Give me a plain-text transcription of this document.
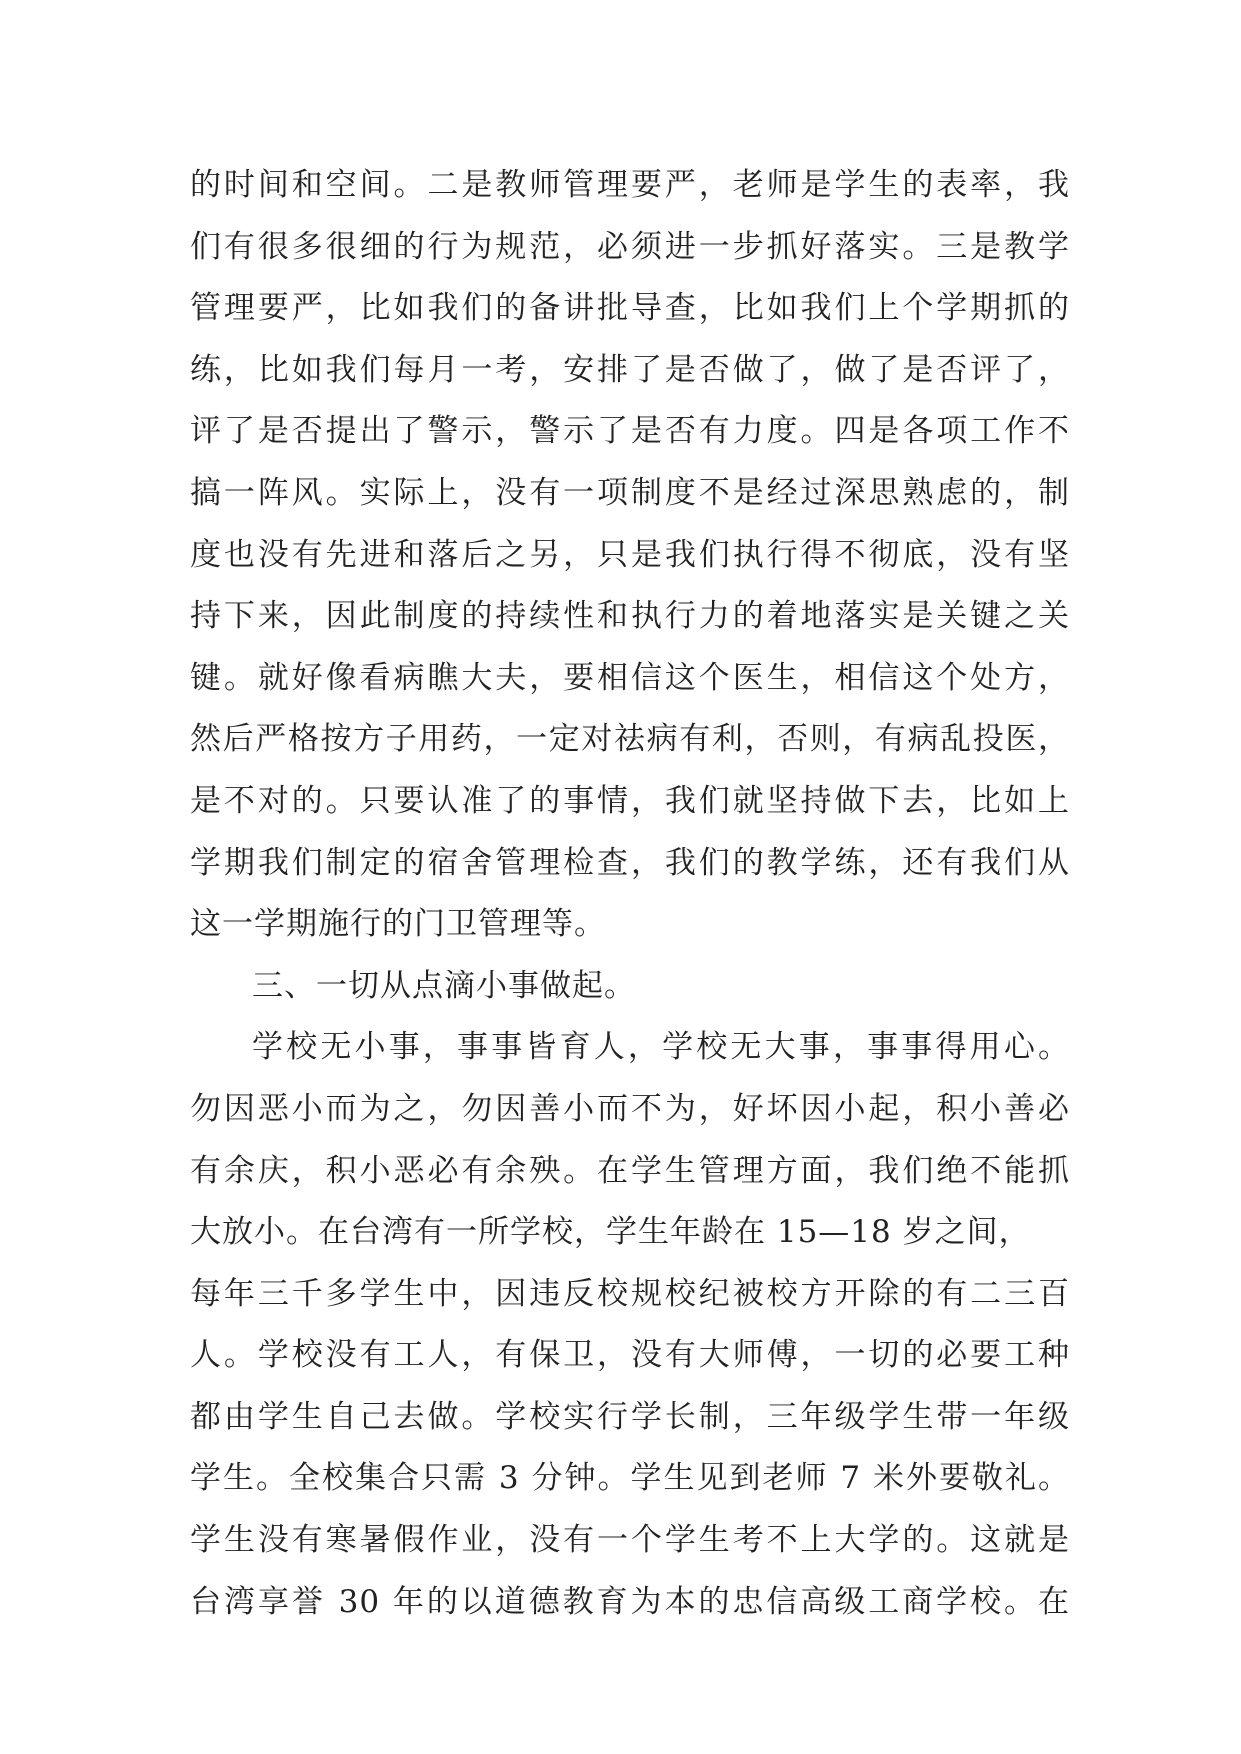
的时间和空间。二是教师管理要严，老师是学生的表率，我
们有很多很细的行为规范，必须进一步抓好落实。三是教学
管理要严，比如我们的备讲批导查，比如我们上个学期抓的
练，比如我们每月一考，安排了是否做了，做了是否评了，
评了是否提出了警示，警示了是否有力度。四是各项工作不
搞一阵风。实际上，没有一项制度不是经过深思熟虑的，制
度也没有先进和落后之另，只是我们执行得不彻底，没有坚
持下来，因此制度的持续性和执行力的着地落实是关键之关
键。就好像看病瞧大夫，要相信这个医生，相信这个处方，
然后严格按方子用药，一定对祛病有利，否则，有病乱投医，
是不对的。只要认准了的事情，我们就坚持做下去，比如上
学期我们制定的宿舍管理检查，我们的教学练，还有我们从
这一学期施行的门卫管理等。
三、一切从点滴小事做起。
学校无小事，事事皆育人，学校无大事，事事得用心。
勿因恶小而为之，勿因善小而不为，好坏因小起，积小善必
有余庆，积小恶必有余殃。在学生管理方面，我们绝不能抓
大放小。在台湾有一所学校，学生年龄在 15—18 岁之间，
每年三千多学生中，因违反校规校纪被校方开除的有二三百
人。学校没有工人，有保卫，没有大师傅，一切的必要工种
都由学生自己去做。学校实行学长制，三年级学生带一年级
学生。全校集合只需 3 分钟。学生见到老师 7 米外要敬礼。
学生没有寒暑假作业，没有一个学生考不上大学的。这就是
台湾享誉 30 年的以道德教育为本的忠信高级工商学校。在
